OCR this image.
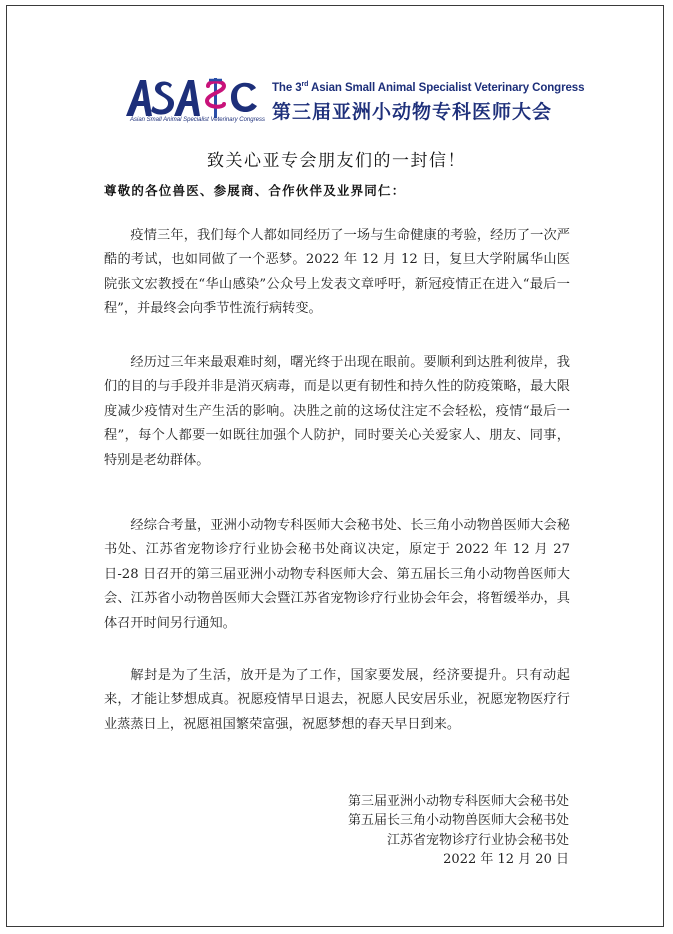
Asian Small Animal Specialist Veterinary Congress
The 3rd Asian Small Animal Specialist Veterinary Congress
第三届亚洲小动物专科医师大会
致关心亚专会朋友们的一封信！
尊敬的各位兽医、参展商、合作伙伴及业界同仁：

疫情三年，我们每个人都如同经历了一场与生命健康的考验，经历了一次严酷的考试，也如同做了一个恶梦。2022 年 12 月 12 日，复旦大学附属华山医院张文宏教授在“华山感染”公众号上发表文章呼吁，新冠疫情正在进入“最后一程”，并最终会向季节性流行病转变。

经历过三年来最艰难时刻，曙光终于出现在眼前。要顺利到达胜利彼岸，我们的目的与手段并非是消灭病毒，而是以更有韧性和持久性的防疫策略，最大限度减少疫情对生产生活的影响。决胜之前的这场仗注定不会轻松，疫情“最后一程”，每个人都要一如既往加强个人防护，同时要关心关爱家人、朋友、同事，特别是老幼群体。

经综合考量，亚洲小动物专科医师大会秘书处、长三角小动物兽医师大会秘书处、江苏省宠物诊疗行业协会秘书处商议决定，原定于 2022 年 12 月 27 日-28 日召开的第三届亚洲小动物专科医师大会、第五届长三角小动物兽医师大会、江苏省小动物兽医师大会暨江苏省宠物诊疗行业协会年会，将暂缓举办，具体召开时间另行通知。

解封是为了生活，放开是为了工作，国家要发展，经济要提升。只有动起来，才能让梦想成真。祝愿疫情早日退去，祝愿人民安居乐业，祝愿宠物医疗行业蒸蒸日上，祝愿祖国繁荣富强，祝愿梦想的春天早日到来。

第三届亚洲小动物专科医师大会秘书处
第五届长三角小动物兽医师大会秘书处
江苏省宠物诊疗行业协会秘书处
2022 年 12 月 20 日
